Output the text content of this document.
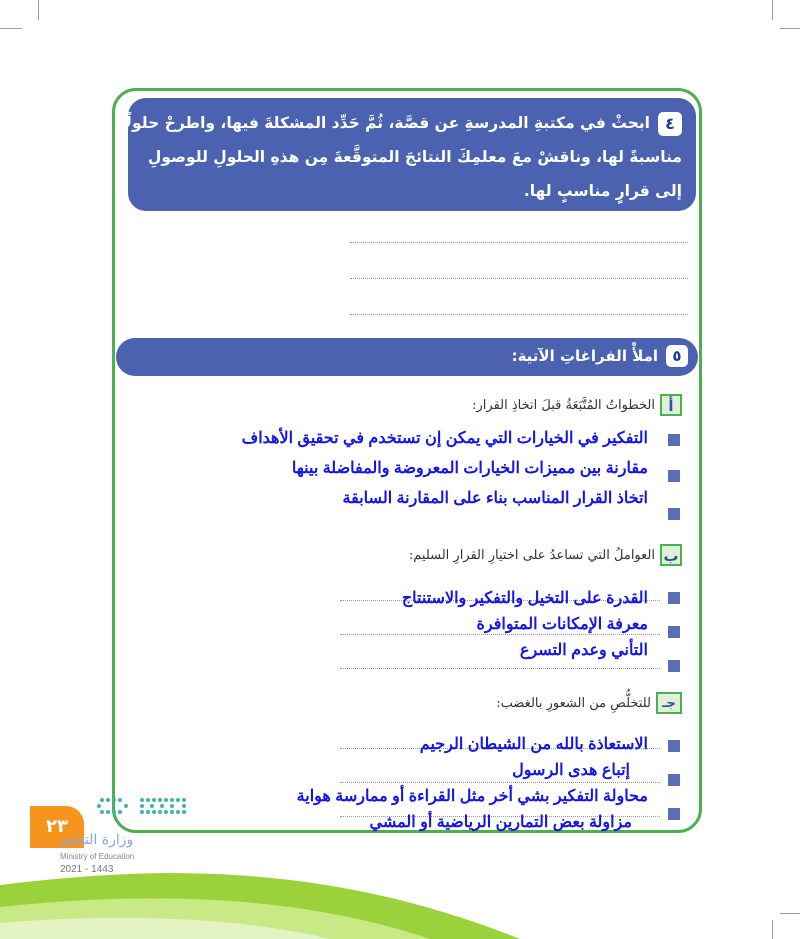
٤ابحثْ في مكتبةِ المدرسةِ عن قصَّة، ثُمَّ حَدِّد المشكلةَ فيها، واطرحْ حلولًا
مناسبةً لها، وناقشْ معَ معلمِكَ النتائجَ المتوقَّعةَ مِن هذهِ الحلولِ للوصولِ
إلى قرارٍ مناسبٍ لها.
٥املأْ الفراغاتِ الآتية:
أ
الخطواتُ المُتَّبَعَةُ قبلَ اتخاذِ القرار:
التفكير في الخيارات التي يمكن إن تستخدم في تحقيق الأهداف
مقارنة بين مميزات الخيارات المعروضة والمفاضلة بينها
اتخاذ القرار المناسب بناء على المقارنة السابقة
ب
العواملُ التي تساعدُ على اختيارِ القرارِ السليم:
القدرة على التخيل والتفكير والاستنتاج
معرفة الإمكانات المتوافرة
التأني وعدم التسرع
جـ
للتخلُّصِ من الشعورِ بالغضب:
الاستعاذة بالله من الشيطان الرجيم
إتباع هدى الرسول
محاولة التفكير بشي أخر مثل القراءة أو ممارسة هواية
مزاولة بعض التمارين الرياضية أو المشي
٢٣
وزارة التعليم
Ministry of Education
2021 - 1443
